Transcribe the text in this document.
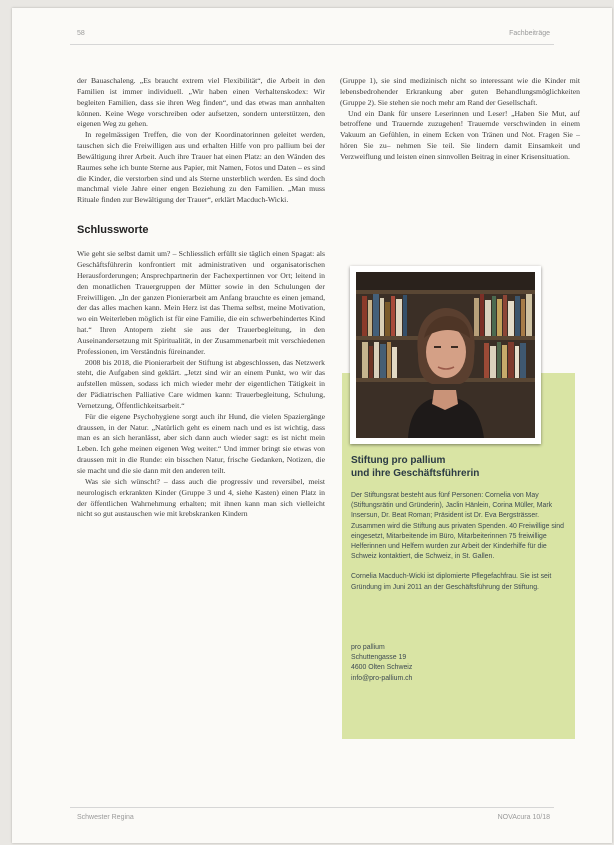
58	Fachbeiträge

der Bauaschaleng. „Es braucht extrem viel Flexibilität“, die Arbeit in den Familien ist immer individuell. „Wir haben einen Verhaltenskodex: Wir begleiten Familien, dass sie ihren Weg finden“, und das etwas man annhalten können. Keine Wege vorschreiben oder aufsetzen, sondern unterstützen, den eigenen Weg zu gehen.

In regelmässigen Treffen, die von der Koordinatorinnen geleitet werden, tauschen sich die Freiwilligen aus und erhalten Hilfe von pro pallium bei der Bewältigung ihrer Arbeit. Auch ihre Trauer hat einen Platz: an den Wänden des Raumes sehe ich bunte Sterne aus Papier, mit Namen, Fotos und Daten – es sind die Kinder, die verstorben sind und als Sterne unsterblich werden. Es sind doch manchmal viele Jahre einer engen Beziehung zu den Familien. „Man muss Rituale finden zur Bewältigung der Trauer“, erklärt Macduch-Wicki.

Schlussworte

Wie geht sie selbst damit um? – Schliesslich erfüllt sie täglich einen Spagat: als Geschäftsführerin konfrontiert mit administrativen und organisatorischen Herausforderungen; Ansprechpartnerin der Fachexpertinnen vor Ort; leitend in den monatlichen Trauergruppen der Mütter sowie in den Schulungen der Freiwilligen. „In der ganzen Pionierarbeit am Anfang brauchte es einen jemand, der das alles machen kann. Mein Herz ist das Thema selbst, meine Motivation, wo ein Weiterleben möglich ist für eine Familie, die ein schwerbehindertes Kind hat.“ Ihren Antopern zieht sie aus der Trauerbegleitung, in den Auseinandersetzung mit Spiritualität, in der Zusammenarbeit mit verschiedenen Professionen, im Verständnis füreinander.

2008 bis 2018, die Pionierarbeit der Stiftung ist abgeschlossen, das Netzwerk steht, die Aufgaben sind geklärt. „Jetzt sind wir an einem Punkt, wo wir das aufstellen müssen, sodass ich mich wieder mehr der eigentlichen Tätigkeit in der Pädiatrischen Palliative Care widmen kann: Trauerbegleitung, Schulung, Vernetzung, Öffentlichkeitsarbeit.“

Für die eigene Psychohygiene sorgt auch ihr Hund, die vielen Spaziergänge draussen, in der Natur. „Natürlich geht es einem nach und es ist wichtig, dass man es an sich heranlässt, aber sich dann auch wieder sagt: es ist nicht mein Leben. Ich gehe meinen eigenen Weg weiter.“ Und immer bringt sie etwas von draussen mit in die Runde: ein bisschen Natur, frische Gedanken, Notizen, die sie macht und die sie dann mit den anderen teilt.

Was sie sich wünscht? – dass auch die progressiv und reversibel, meist neurologisch erkrankten Kinder (Gruppe 3 und 4, siehe Kasten) einen Platz in der öffentlichen Wahrnehmung erhalten; mit ihnen kann man sich vielleicht nicht so gut austauschen wie mit krebskranken Kindern

(Gruppe 1), sie sind medizinisch nicht so interessant wie die Kinder mit lebensbedrohender Erkrankung aber guten Behandlungsmöglichkeiten (Gruppe 2). Sie stehen sie noch mehr am Rand der Gesellschaft.

Und ein Dank für unsere Leserinnen und Leser! „Haben Sie Mut, auf betroffene und Trauernde zuzugehen! Trauernde verschwinden in einem Vakuum an Gefühlen, in einem Ecken von Tränen und Not. Fragen Sie – hören Sie zu– nehmen Sie teil. Sie lindern damit Einsamkeit und Verzweiflung und leisten einen sinnvollen Beitrag in einer Krisensituation.

Stiftung pro pallium
und ihre Geschäftsführerin

Der Stiftungsrat besteht aus fünf Personen: Cornelia von May (Stiftungsrätin und Gründerin), Jaclin Hänlein, Corina Müller, Mark Insersun, Dr. Beat Roman; Präsident ist Dr. Eva Bergsträsser. Zusammen wird die Stiftung aus privaten Spenden. 40 Freiwillige sind eingesetzt, Mitarbeitende im Büro, Mitarbeiterinnen 75 freiwillige Helferinnen und Helfern wurden zur Arbeit der Kinderhilfe für die Schweiz kontaktiert, die Schweiz, in St. Gallen.

Cornelia Macduch-Wicki ist diplomierte Pflegefachfrau. Sie ist seit Gründung im Juni 2011 an der Geschäftsführung der Stiftung.

pro pallium
Schuttengasse 19
4600 Olten Schweiz
info@pro-pallium.ch
Schwester Regina	NOVAcura 10/18
